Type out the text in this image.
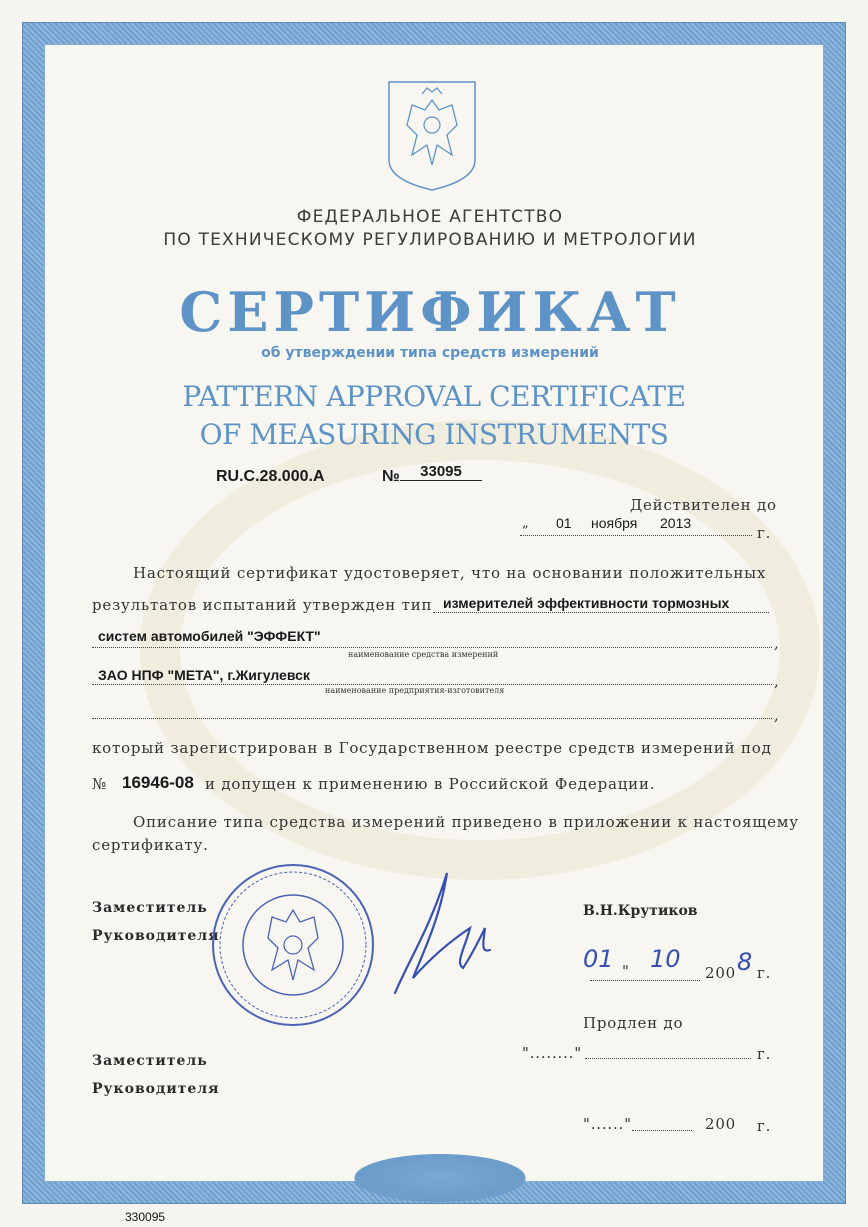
ФЕДЕРАЛЬНОЕ АГЕНТСТВО
ПО ТЕХНИЧЕСКОМУ РЕГУЛИРОВАНИЮ И МЕТРОЛОГИИ
СЕРТИФИКАТ
об утверждении типа средств измерений
PATTERN APPROVAL CERTIFICATE
OF MEASURING INSTRUMENTS
RU.C.28.000.A	№	33095
Действителен до
„ 01 ноября 2013
г.
Настоящий сертификат удостоверяет, что на основании положительных
результатов испытаний утвержден тип измерителей эффективности тормозных
систем автомобилей "ЭФФЕКТ"	,
наименование средства измерений
ЗАО НПФ "МЕТА", г.Жигулевск	,
наименование предприятия-изготовителя
,
который зарегистрирован в Государственном реестре средств измерений под
№ 16946-08 и допущен к применению в Российской Федерации.
Описание типа средства измерений приведено в приложении к настоящему
сертификату.
Заместитель
Руководителя
В.Н.Крутиков
01 10
"	200 8 г.
Продлен до
"........"	г.
Заместитель
Руководителя
"......"	200 г.
330095
